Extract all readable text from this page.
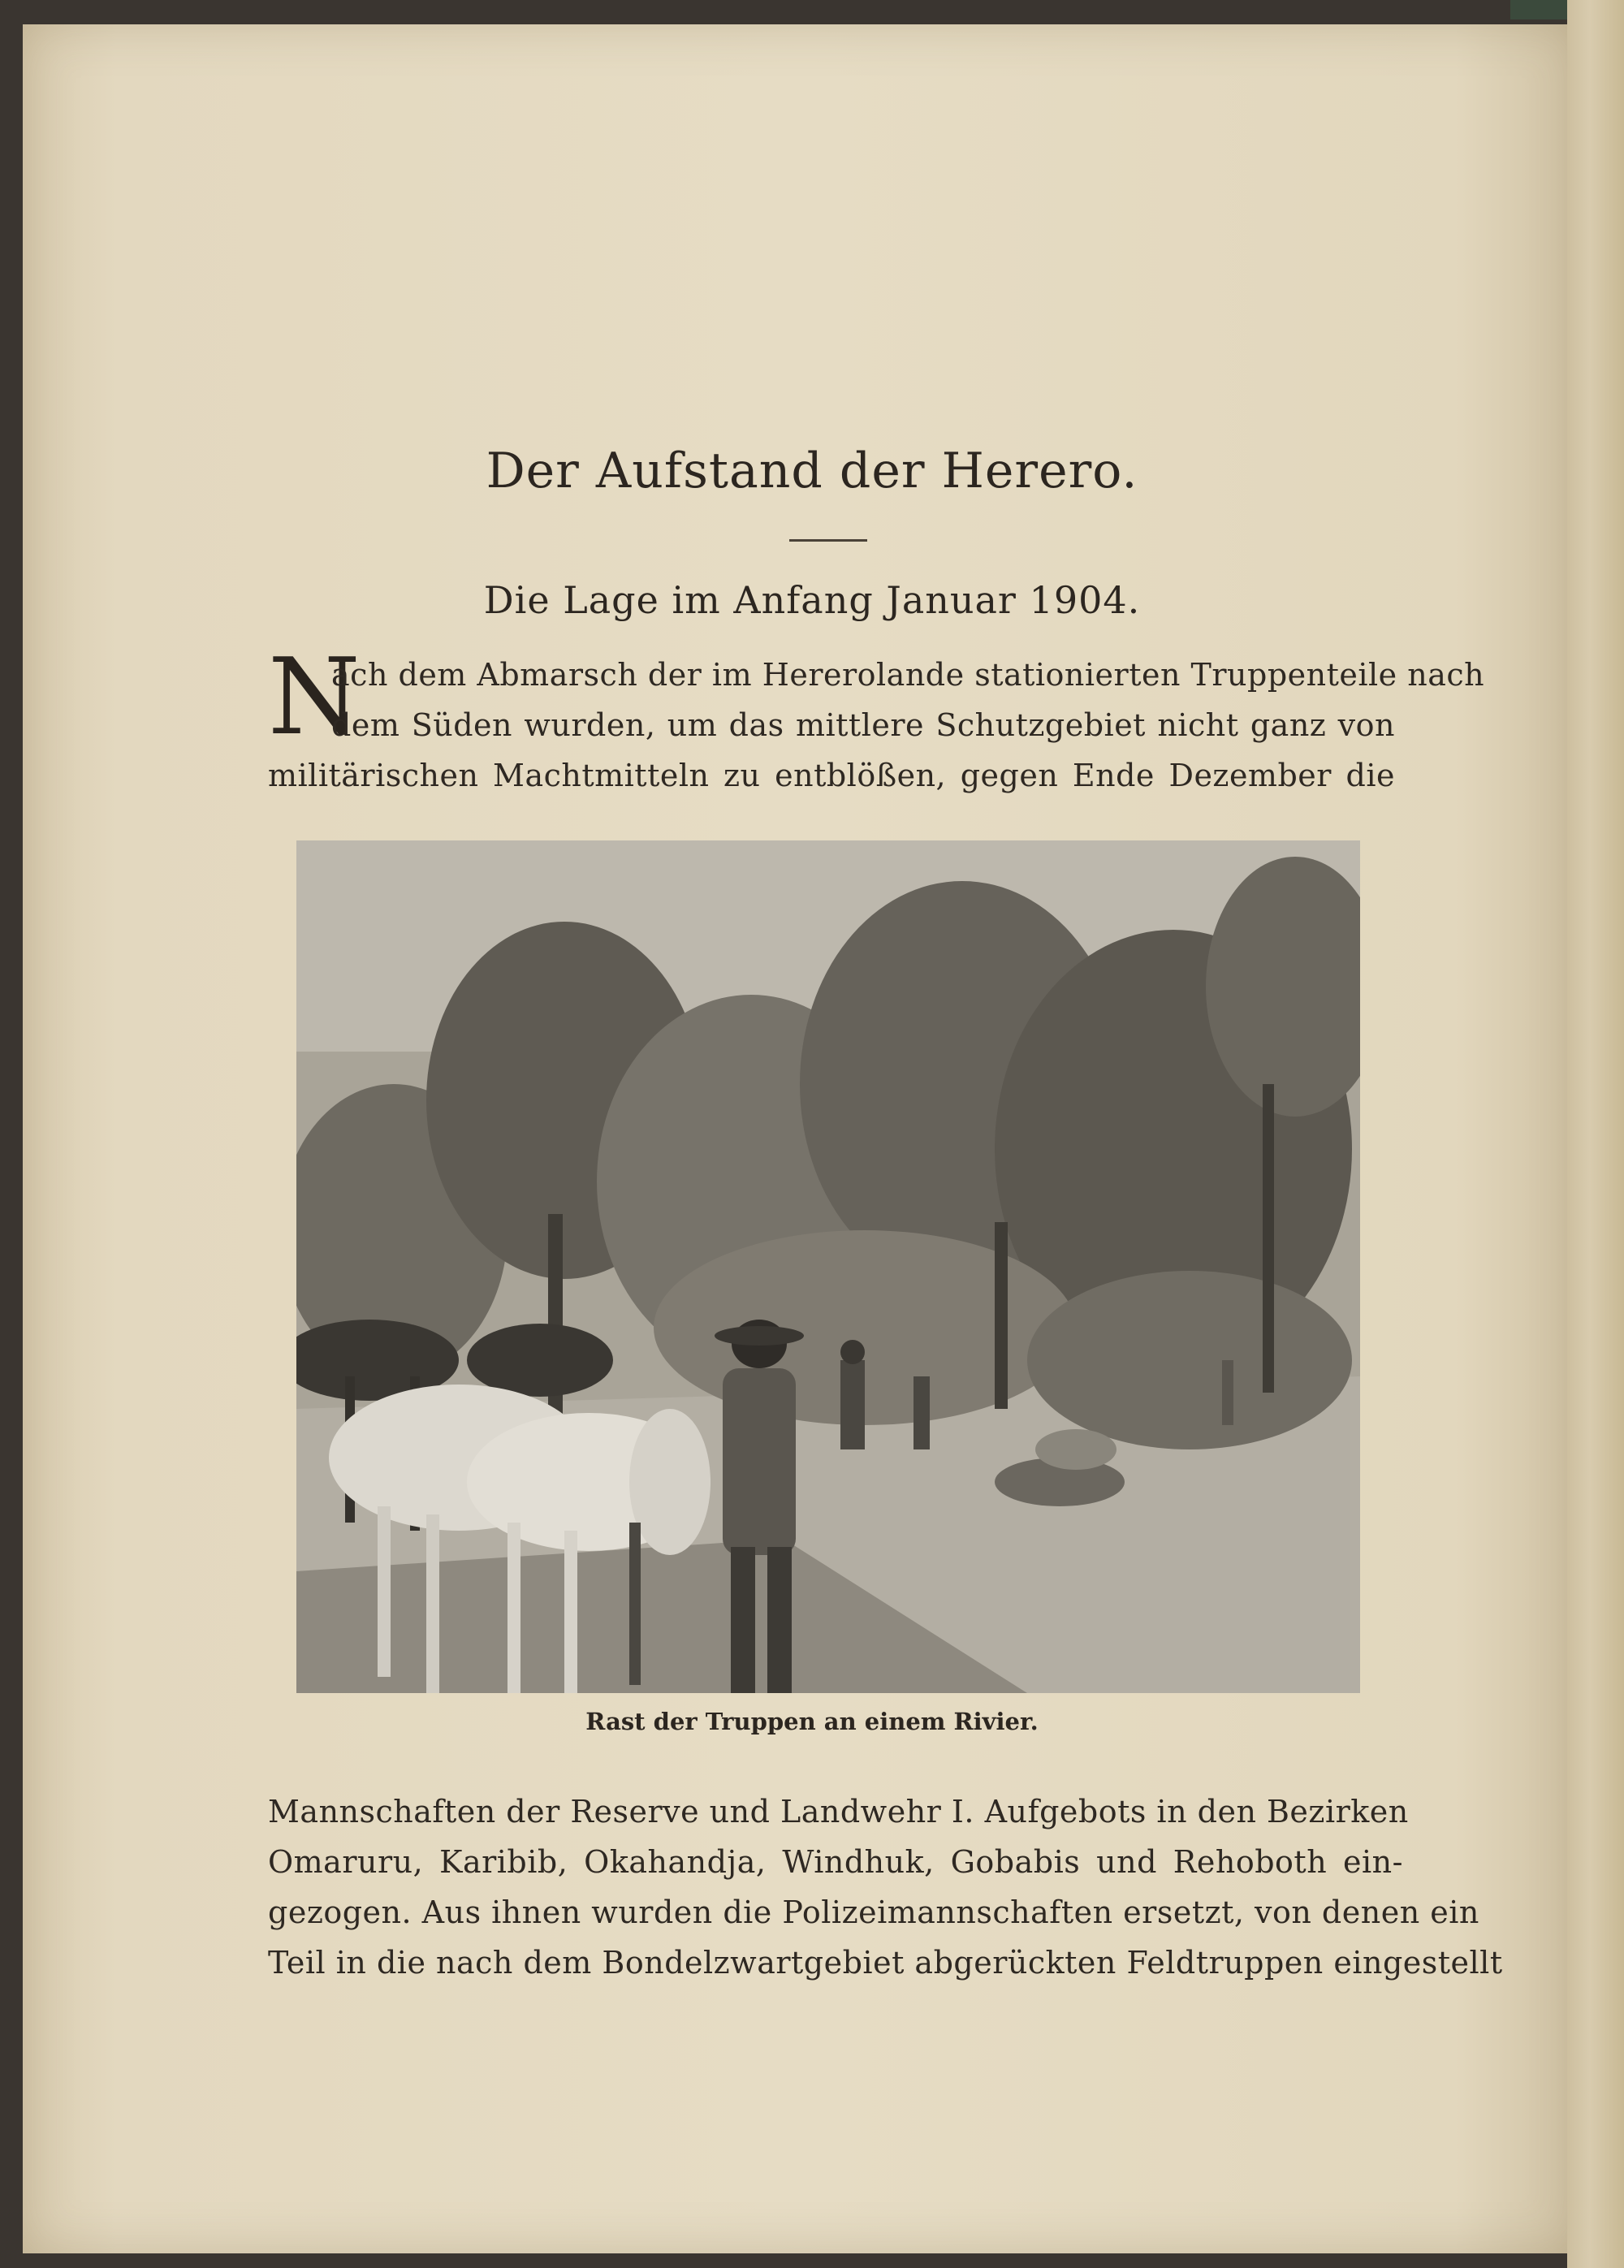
Der Aufstand der Herero.
Die Lage im Anfang Januar 1904.
N
ach dem Abmarsch der im Hererolande stationierten Truppenteile nach
dem Süden wurden, um das mittlere Schutzgebiet nicht ganz von
militärischen Machtmitteln zu entblößen, gegen Ende Dezember die
Rast der Truppen an einem Rivier.
Mannschaften der Reserve und Landwehr I. Aufgebots in den Bezirken
Omaruru, Karibib, Okahandja, Windhuk, Gobabis und Rehoboth ein-
gezogen. Aus ihnen wurden die Polizeimannschaften ersetzt, von denen ein
Teil in die nach dem Bondelzwartgebiet abgerückten Feldtruppen eingestellt
